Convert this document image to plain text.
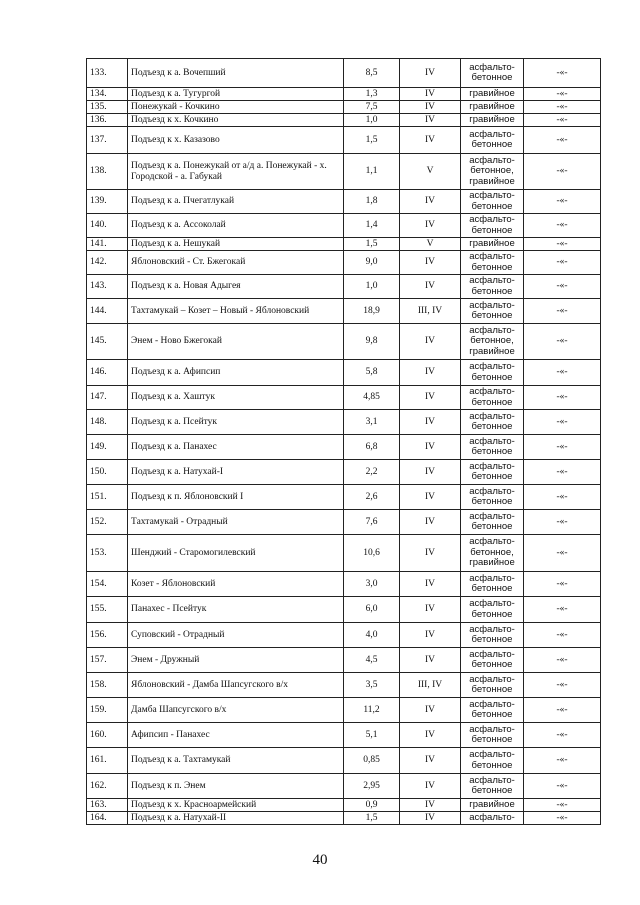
133.	Подъезд к а. Вочепший	8,5	IV	асфальто-
бетонное	-«-
134.	Подъезд к а. Тугургой	1,3	IV	гравийное	-«-
135.	Понежукай - Кочкино	7,5	IV	гравийное	-«-
136.	Подъезд к х. Кочкино	1,0	IV	гравийное	-«-
137.	Подъезд к х. Казазово	1,5	IV	асфальто-
бетонное	-«-
138.	Подъезд к а. Понежукай от а/д а. Понежукай - х. Городской - а. Габукай	1,1	V	асфальто-
бетонное,
гравийное	-«-
139.	Подъезд к а. Пчегатлукай	1,8	IV	асфальто-
бетонное	-«-
140.	Подъезд к а. Ассоколай	1,4	IV	асфальто-
бетонное	-«-
141.	Подъезд к а. Нешукай	1,5	V	гравийное	-«-
142.	Яблоновский - Ст. Бжегокай	9,0	IV	асфальто-
бетонное	-«-
143.	Подъезд к а. Новая Адыгея	1,0	IV	асфальто-
бетонное	-«-
144.	Тахтамукай – Козет – Новый - Яблоновский	18,9	III, IV	асфальто-
бетонное	-«-
145.	Энем - Ново Бжегокай	9,8	IV	асфальто-
бетонное,
гравийное	-«-
146.	Подъезд к а. Афипсип	5,8	IV	асфальто-
бетонное	-«-
147.	Подъезд к а. Хаштук	4,85	IV	асфальто-
бетонное	-«-
148.	Подъезд к а. Псейтук	3,1	IV	асфальто-
бетонное	-«-
149.	Подъезд к а. Панахес	6,8	IV	асфальто-
бетонное	-«-
150.	Подъезд к а. Натухай-I	2,2	IV	асфальто-
бетонное	-«-
151.	Подъезд к п. Яблоновский I	2,6	IV	асфальто-
бетонное	-«-
152.	Тахтамукай - Отрадный	7,6	IV	асфальто-
бетонное	-«-
153.	Шенджий - Старомогилевский	10,6	IV	асфальто-
бетонное,
гравийное	-«-
154.	Козет - Яблоновский	3,0	IV	асфальто-
бетонное	-«-
155.	Панахес - Псейтук	6,0	IV	асфальто-
бетонное	-«-
156.	Суповский - Отрадный	4,0	IV	асфальто-
бетонное	-«-
157.	Энем - Дружный	4,5	IV	асфальто-
бетонное	-«-
158.	Яблоновский - Дамба Шапсугского в/х	3,5	III, IV	асфальто-
бетонное	-«-
159.	Дамба Шапсугского в/х	11,2	IV	асфальто-
бетонное	-«-
160.	Афипсип - Панахес	5,1	IV	асфальто-
бетонное	-«-
161.	Подъезд к а. Тахтамукай	0,85	IV	асфальто-
бетонное	-«-
162.	Подъезд к п. Энем	2,95	IV	асфальто-
бетонное	-«-
163.	Подъезд к х. Красноармейский	0,9	IV	гравийное	-«-
164.	Подъезд к а. Натухай-II	1,5	IV	асфальто-	-«-
40
